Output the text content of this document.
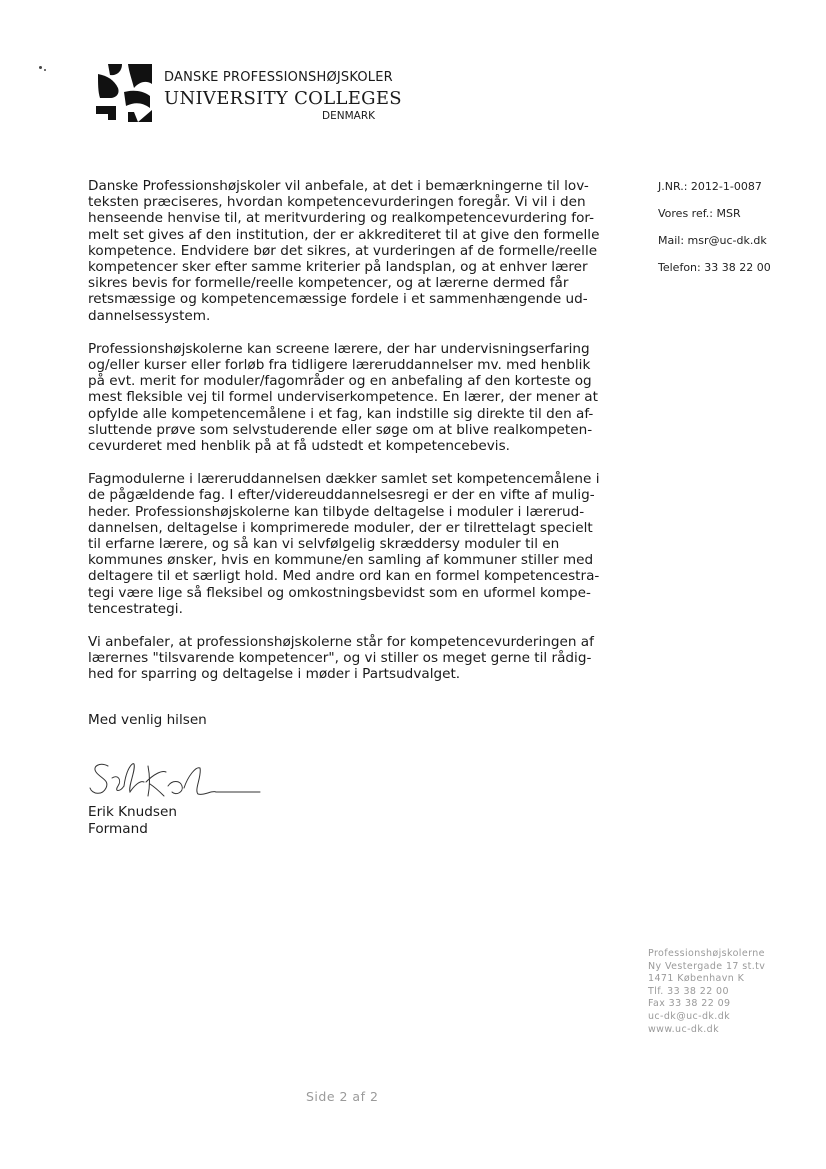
DANSKE PROFESSIONSHØJSKOLER
UNIVERSITY COLLEGES
DENMARK
J.NR.: 2012-1-0087
Vores ref.: MSR
Mail: msr@uc-dk.dk
Telefon: 33 38 22 00
Danske Professionshøjskoler vil anbefale, at det i bemærkningerne til lov-
teksten præciseres, hvordan kompetencevurderingen foregår. Vi vil i den
henseende henvise til, at meritvurdering og realkompetencevurdering for-
melt set gives af den institution, der er akkrediteret til at give den formelle
kompetence. Endvidere bør det sikres, at vurderingen af de formelle/reelle
kompetencer sker efter samme kriterier på landsplan, og at enhver lærer
sikres bevis for formelle/reelle kompetencer, og at lærerne dermed får
retsmæssige og kompetencemæssige fordele i et sammenhængende ud-
dannelsessystem.
Professionshøjskolerne kan screene lærere, der har undervisningserfaring
og/eller kurser eller forløb fra tidligere læreruddannelser mv. med henblik
på evt. merit for moduler/fagområder og en anbefaling af den korteste og
mest fleksible vej til formel underviserkompetence. En lærer, der mener at
opfylde alle kompetencemålene i et fag, kan indstille sig direkte til den af-
sluttende prøve som selvstuderende eller søge om at blive realkompeten-
cevurderet med henblik på at få udstedt et kompetencebevis.
Fagmodulerne i læreruddannelsen dækker samlet set kompetencemålene i
de pågældende fag. I efter/videreuddannelsesregi er der en vifte af mulig-
heder. Professionshøjskolerne kan tilbyde deltagelse i moduler i lærerud-
dannelsen, deltagelse i komprimerede moduler, der er tilrettelagt specielt
til erfarne lærere, og så kan vi selvfølgelig skræddersy moduler til en
kommunes ønsker, hvis en kommune/en samling af kommuner stiller med
deltagere til et særligt hold. Med andre ord kan en formel kompetencestra-
tegi være lige så fleksibel og omkostningsbevidst som en uformel kompe-
tencestrategi.
Vi anbefaler, at professionshøjskolerne står for kompetencevurderingen af
lærernes "tilsvarende kompetencer", og vi stiller os meget gerne til rådig-
hed for sparring og deltagelse i møder i Partsudvalget.
Med venlig hilsen
Erik Knudsen
Formand
Professionshøjskolerne
Ny Vestergade 17 st.tv
1471 København K
Tlf. 33 38 22 00
Fax 33 38 22 09
uc-dk@uc-dk.dk
www.uc-dk.dk
Side 2 af 2
